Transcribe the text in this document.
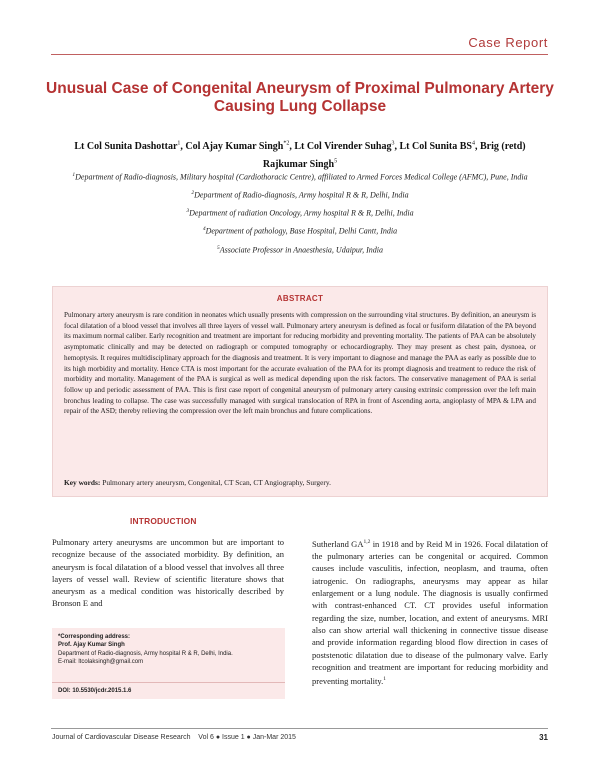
Case Report
Unusual Case of Congenital Aneurysm of Proximal Pulmonary Artery Causing Lung Collapse
Lt Col Sunita Dashottar$^1$, Col Ajay Kumar Singh$^{*2}$, Lt Col Virender Suhag$^3$, Lt Col Sunita $BS^4$, Brig (retd) Rajkumar Singh$^5$

$^1$Department of Radio-diagnosis, Military hospital (Cardiothoracic Centre), affiliated to Armed Forces Medical College (AFMC), Pune, India

$^2$Department of Radio-diagnosis, Army hospital R & R, Delhi, India

$^3$Department of radiation Oncology, Army hospital R & R, Delhi, India

$^4$Department of pathology, Base Hospital, Delhi Cantt, India

$^5$Associate Professor in Anaesthesia, Udaipur, India

ABSTRACT
Pulmonary artery aneurysm is rare condition in neonates which usually presents with compression on the surrounding vital structures. By definition, an aneurysm is focal dilatation of a blood vessel that involves all three layers of vessel wall. Pulmonary artery aneurysm is defined as focal or fusiform dilatation of the PA beyond its maximum normal caliber. Early recognition and treatment are important for reducing morbidity and preventing mortality. The patients of PAA can be absolutely asymptomatic clinically and may be detected on radiograph or computed tomography or echocardiography. They may present as chest pain, dysnoea, or hemoptysis. It requires multidisciplinary approach for the diagnosis and treatment. It is very important to diagnose and manage the PAA as early as possible due to its high morbidity and mortality. Hence CTA is most important for the accurate evaluation of the PAA for its prompt diagnosis and treatment to reduce the risk of morbidity and mortality. Management of the PAA is surgical as well as medical depending upon the risk factors. The conservative management of PAA is serial follow up and periodic assessment of PAA. This is first case report of congenital aneurysm of pulmonary artery causing extrinsic compression over the left main bronchus leading to collapse. The case was successfully managed with surgical translocation of RPA in front of Ascending aorta, angioplasty of MPA & LPA and repair of the ASD; thereby relieving the compression over the left main bronchus and future complications.
Key words: Pulmonary artery aneurysm, Congenital, CT Scan, CT Angiography, Surgery.
INTRODUCTION
Pulmonary artery aneurysms are uncommon but are important to recognize because of the associated morbidity. By definition, an aneurysm is focal dilatation of a blood vessel that involves all three layers of vessel wall. Review of scientific literature shows that aneurysm as a medical condition was historically described by Bronson E and
Sutherland GA$^{1,2}$ in 1918 and by Reid M in 1926. Focal dilatation of the pulmonary arteries can be congenital or acquired. Common causes include vasculitis, infection, neoplasm, and trauma, often iatrogenic. On radiographs, aneurysms may appear as hilar enlargement or a lung nodule. The diagnosis is usually confirmed with contrast-enhanced CT. CT provides useful information regarding the size, number, location, and extent of aneurysms. MRI also can show arterial wall thickening in connective tissue disease and provide information regarding blood flow direction in cases of poststenotic dilatation due to disease of the pulmonary valve. Early recognition and treatment are important for reducing morbidity and preventing mortality.$^1$
*Corresponding address:
Prof. Ajay Kumar Singh
Department of Radio-diagnosis, Army hospital R & R, Delhi, India.
E-mail: ltcolaksingh@gmail.com
DOI: 10.5530/jcdr.2015.1.6
Journal of Cardiovascular Disease Research Vol 6 ● Issue 1 ● Jan-Mar 2015	31
